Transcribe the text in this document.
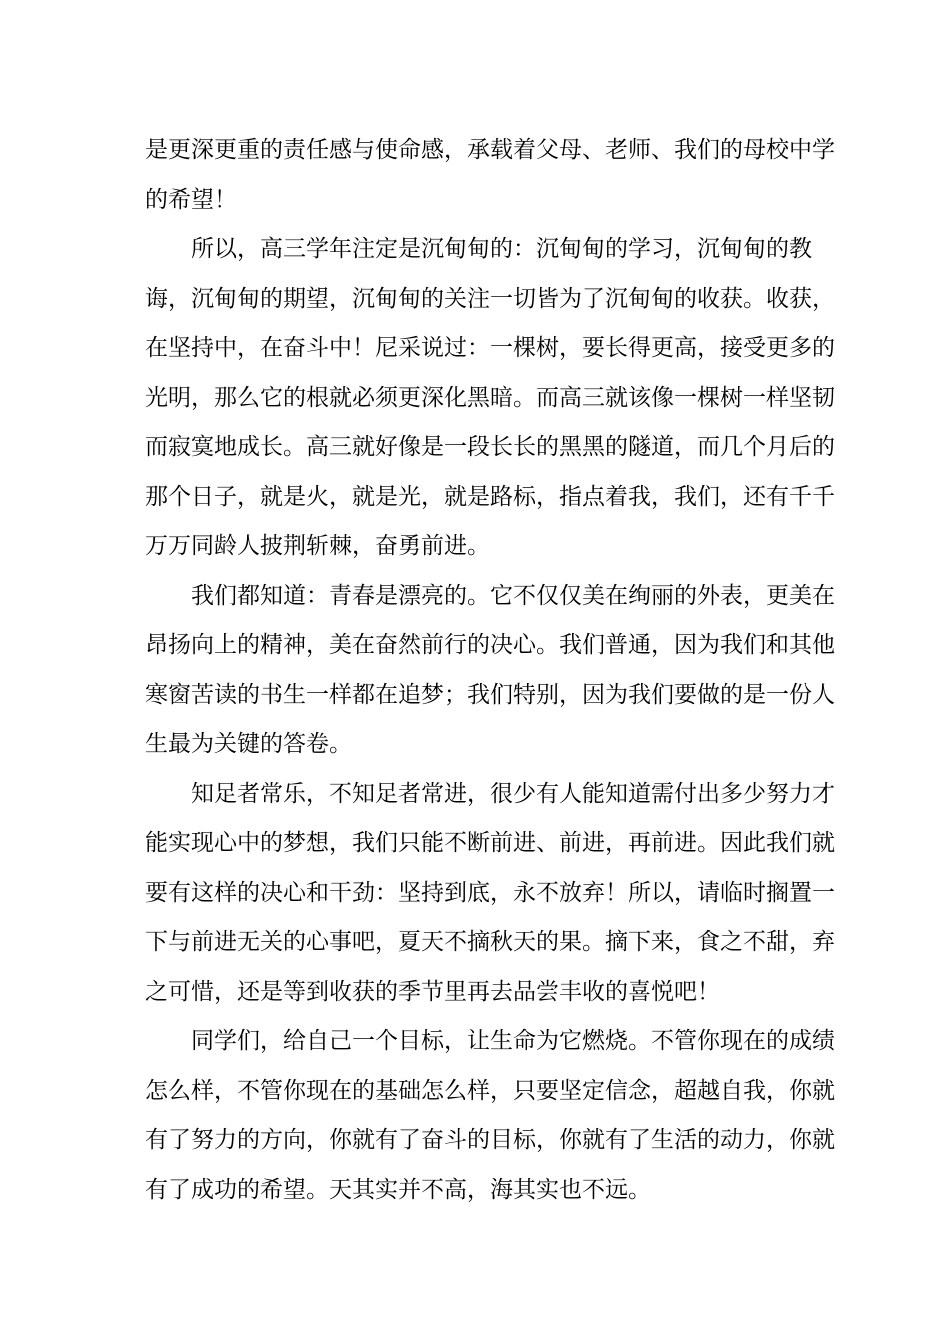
是更深更重的责任感与使命感，承载着父母、老师、我们的母校中学的希望！

所以，高三学年注定是沉甸甸的：沉甸甸的学习，沉甸甸的教诲，沉甸甸的期望，沉甸甸的关注一切皆为了沉甸甸的收获。收获，在坚持中，在奋斗中！尼采说过：一棵树，要长得更高，接受更多的光明，那么它的根就必须更深化黑暗。而高三就该像一棵树一样坚韧而寂寞地成长。高三就好像是一段长长的黑黑的隧道，而几个月后的那个日子，就是火，就是光，就是路标，指点着我，我们，还有千千万万同龄人披荆斩棘，奋勇前进。

我们都知道：青春是漂亮的。它不仅仅美在绚丽的外表，更美在昂扬向上的精神，美在奋然前行的决心。我们普通，因为我们和其他寒窗苦读的书生一样都在追梦；我们特别，因为我们要做的是一份人生最为关键的答卷。

知足者常乐，不知足者常进，很少有人能知道需付出多少努力才能实现心中的梦想，我们只能不断前进、前进，再前进。因此我们就要有这样的决心和干劲：坚持到底，永不放弃！所以，请临时搁置一下与前进无关的心事吧，夏天不摘秋天的果。摘下来，食之不甜，弃之可惜，还是等到收获的季节里再去品尝丰收的喜悦吧！

同学们，给自己一个目标，让生命为它燃烧。不管你现在的成绩怎么样，不管你现在的基础怎么样，只要坚定信念，超越自我，你就有了努力的方向，你就有了奋斗的目标，你就有了生活的动力，你就有了成功的希望。天其实并不高，海其实也不远。
